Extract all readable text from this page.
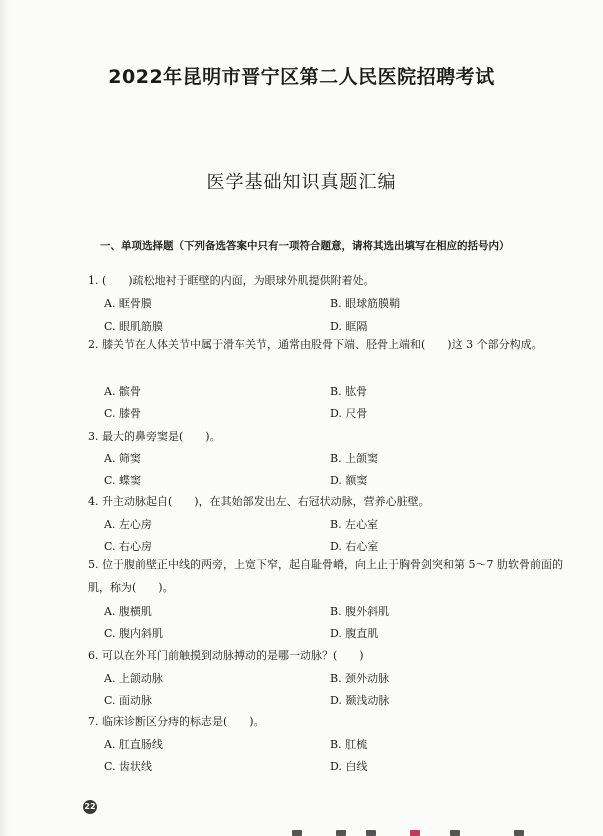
2022年昆明市晋宁区第二人民医院招聘考试
医学基础知识真题汇编
一、单项选择题（下列备选答案中只有一项符合题意，请将其选出填写在相应的括号内）
1. (　　)疏松地衬于眶壁的内面，为眼球外肌提供附着处。
A. 眶骨膜	B. 眼球筋膜鞘
C. 眼肌筋膜	D. 眶隔
2. 膝关节在人体关节中属于滑车关节，通常由股骨下端、胫骨上端和(　　)这 3 个部分构成。
A. 髌骨	B. 肱骨
C. 膝骨	D. 尺骨
3. 最大的鼻旁窦是(　　)。
A. 筛窦	B. 上颌窦
C. 蝶窦	D. 额窦
4. 升主动脉起自(　　)，在其始部发出左、右冠状动脉，营养心脏壁。
A. 左心房	B. 左心室
C. 右心房	D. 右心室
5. 位于腹前壁正中线的两旁，上宽下窄，起自耻骨嵴，向上止于胸骨剑突和第 5～7 肋软骨前面的肌，称为(　　)。
A. 腹横肌	B. 腹外斜肌
C. 腹内斜肌	D. 腹直肌
6. 可以在外耳门前触摸到动脉搏动的是哪一动脉？(　　)
A. 上颌动脉	B. 颈外动脉
C. 面动脉	D. 颞浅动脉
7. 临床诊断区分痔的标志是(　　)。
A. 肛直肠线	B. 肛梳
C. 齿状线	D. 白线
22
